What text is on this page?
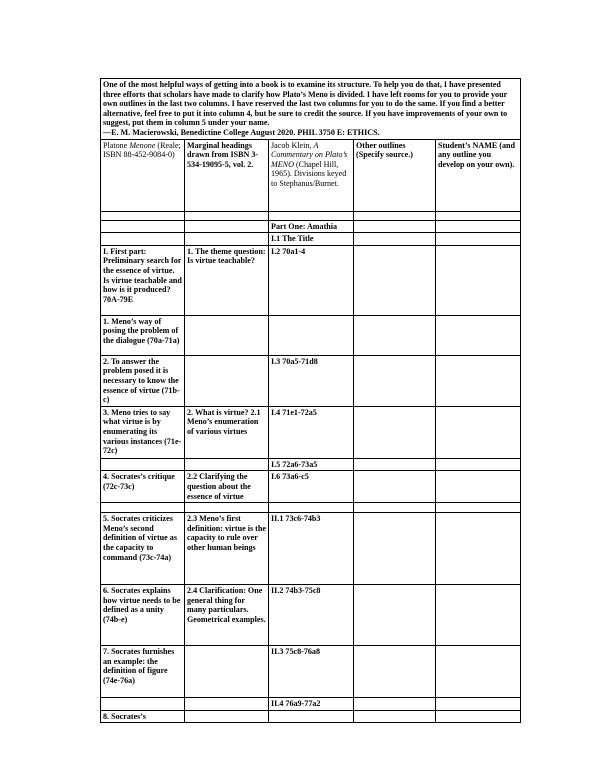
One of the most helpful ways of getting into a book is to examine its structure. To help you do that, I have presented three efforts that scholars have made to clarify how Plato’s Meno is divided. I have left rooms for you to provide your own outlines in the last two columns. I have reserved the last two columns for you to do the same. If you find a better alternative, feel free to put it into column 4, but be sure to credit the source. If you have improvements of your own to suggest, put them in column 5 under your name.
—E. M. Macierowski, Benedictine College August 2020. PHIL 3750 E: ETHICS.				

Platone Menone (Reale; ISBN 88-452-9084-0)	Marginal headings drawn from ISBN 3-534-19095-5, vol. 2.	Jacob Klein, A Commentary on Plato’s MENO (Chapel Hill, 1965). Divisions keyed to Stephanus/Burnet.	Other outlines (Specify source.)	Student’s NAME (and any outline you develop on your own).

		Part One: Amathia		
		I.1 The Title		
I. First part: Preliminary search for the essence of virtue. Is virtue teachable and how is it produced? 70A-79E	1. The theme question: Is virtue teachable?	I.2 70a1-4		
1. Meno’s way of posing the problem of the dialogue (70a-71a)				
2. To answer the problem posed it is necessary to know the essence of virtue (71b-c)		I.3 70a5-71d8		
3. Meno tries to say what virtue is by enumerating its various instances (71e-72c)	2. What is virtue? 2.1 Meno’s enumeration of various virtues	I.4 71e1-72a5		
		I.5 72a6-73a5		
4. Socrates’s critique (72c-73c)	2.2 Clarifying the question about the essence of virtue	I.6 73a6-c5		

5. Socrates criticizes Meno’s second definition of virtue as the capacity to command (73c-74a)	2.3 Meno’s first definition: virtue is the capacity to rule over other human beings	II.1 73c6-74b3		
6. Socrates explains how virtue needs to be defined as a unity (74b-e)	2.4 Clarification: One general thing for many particulars. Geometrical examples.	II.2 74b3-75c8		
7. Socrates furnishes an example: the definition of figure (74e-76a)		II.3 75c8-76a8		
		II.4 76a9-77a2		
8. Socrates’s				
